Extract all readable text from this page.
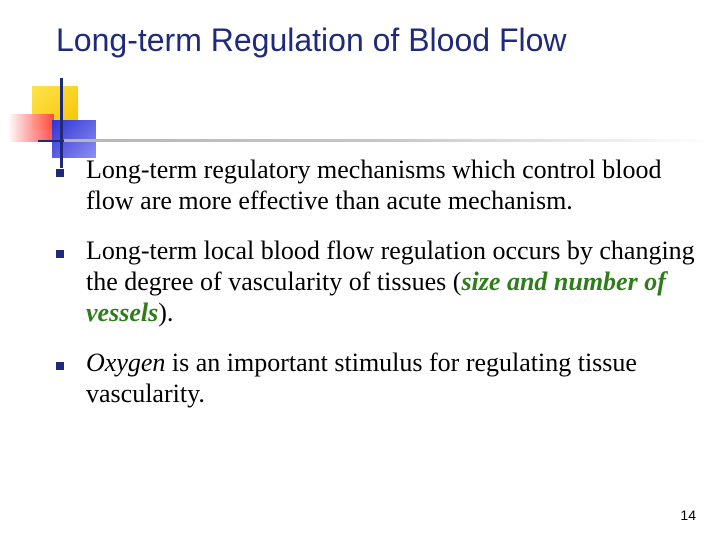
Long-term Regulation of Blood Flow
Long-term regulatory mechanisms which control blood flow are more effective than acute mechanism.
Long-term local blood flow regulation occurs by changing the degree of vascularity of tissues (size and number of vessels).
Oxygen is an important stimulus for regulating tissue vascularity.
14
